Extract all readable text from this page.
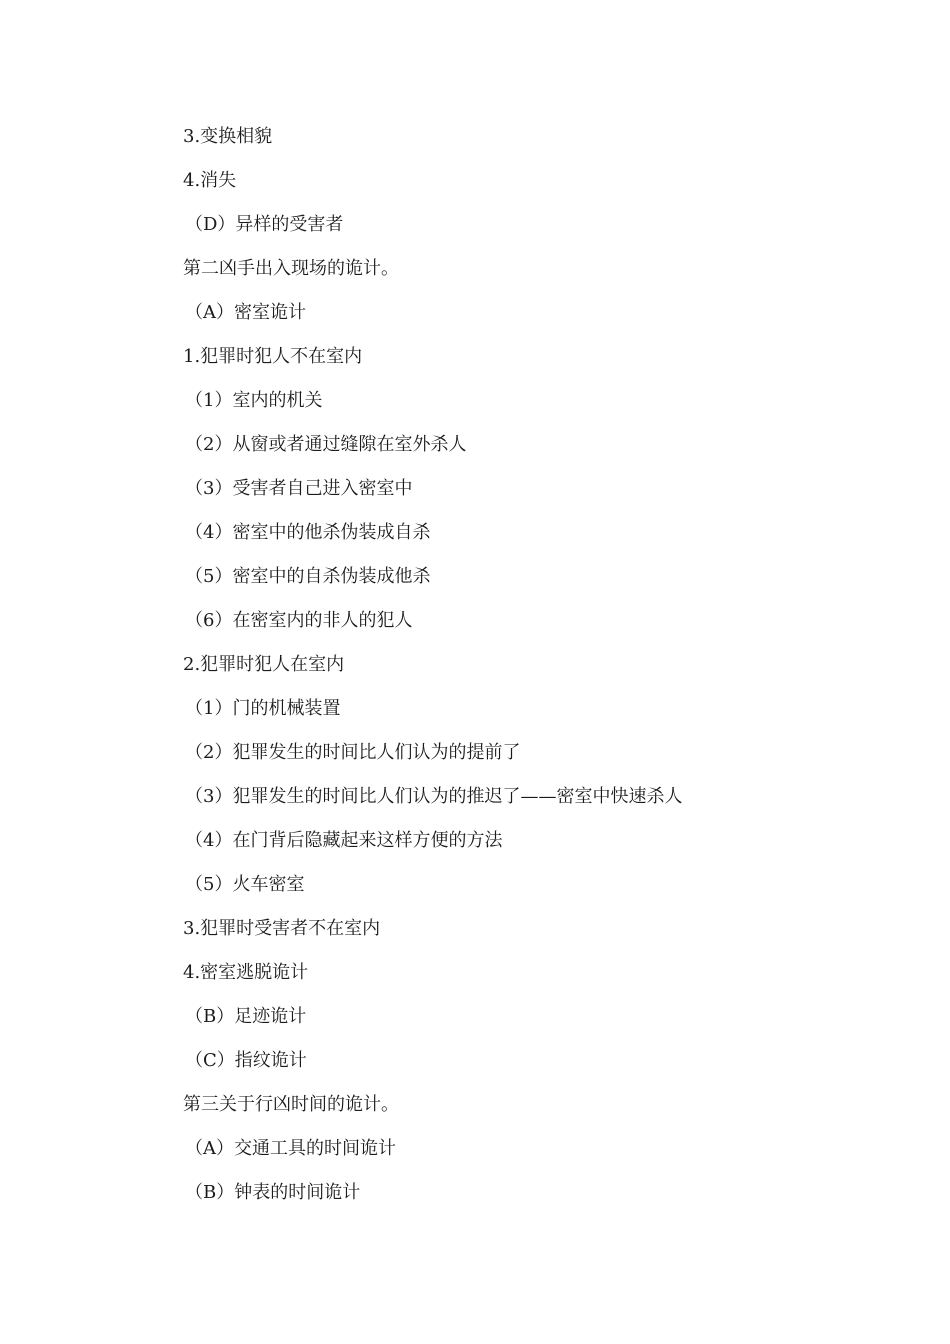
3.变换相貌
4.消失
（D）异样的受害者
第二凶手出入现场的诡计。
（A）密室诡计
1.犯罪时犯人不在室内
（1）室内的机关
（2）从窗或者通过缝隙在室外杀人
（3）受害者自己进入密室中
（4）密室中的他杀伪装成自杀
（5）密室中的自杀伪装成他杀
（6）在密室内的非人的犯人
2.犯罪时犯人在室内
（1）门的机械装置
（2）犯罪发生的时间比人们认为的提前了
（3）犯罪发生的时间比人们认为的推迟了——密室中快速杀人
（4）在门背后隐藏起来这样方便的方法
（5）火车密室
3.犯罪时受害者不在室内
4.密室逃脱诡计
（B）足迹诡计
（C）指纹诡计
第三关于行凶时间的诡计。
（A）交通工具的时间诡计
（B）钟表的时间诡计
